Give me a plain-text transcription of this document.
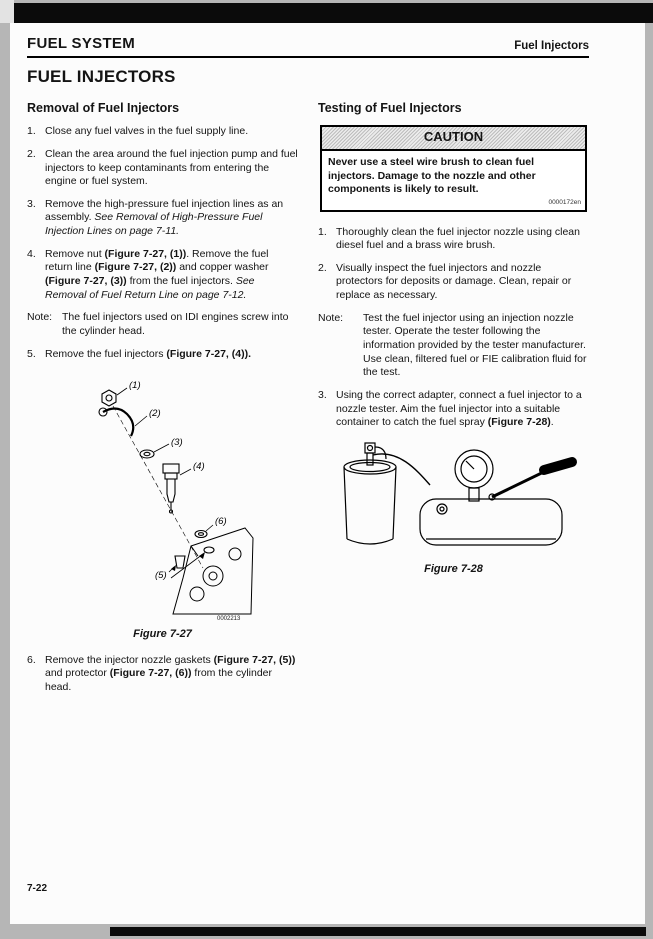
FUEL SYSTEM	Fuel Injectors
FUEL INJECTORS
Removal of Fuel Injectors
1. Close any fuel valves in the fuel supply line.
2. Clean the area around the fuel injection pump and fuel injectors to keep contaminants from entering the engine or fuel system.
3. Remove the high-pressure fuel injection lines as an assembly. See Removal of High-Pressure Fuel Injection Lines on page 7-11.
4. Remove nut (Figure 7-27, (1)). Remove the fuel return line (Figure 7-27, (2)) and copper washer (Figure 7-27, (3)) from the fuel injectors. See Removal of Fuel Return Line on page 7-12.
Note: The fuel injectors used on IDI engines screw into the cylinder head.
5. Remove the fuel injectors (Figure 7-27, (4)).
(1)
(2)
(3)
(4)
(6)
(5)
0002213
Figure 7-27
6. Remove the injector nozzle gaskets (Figure 7-27, (5)) and protector (Figure 7-27, (6)) from the cylinder head.
Testing of Fuel Injectors
CAUTION
Never use a steel wire brush to clean fuel injectors. Damage to the nozzle and other components is likely to result.
0000172en
1. Thoroughly clean the fuel injector nozzle using clean diesel fuel and a brass wire brush.
2. Visually inspect the fuel injectors and nozzle protectors for deposits or damage. Clean, repair or replace as necessary.
Note:	Test the fuel injector using an injection nozzle tester. Operate the tester following the information provided by the tester manufacturer. Use clean, filtered fuel or FIE calibration fluid for the test.
3. Using the correct adapter, connect a fuel injector to a nozzle tester. Aim the fuel injector into a suitable container to catch the fuel spray (Figure 7-28).
Figure 7-28
7-22
